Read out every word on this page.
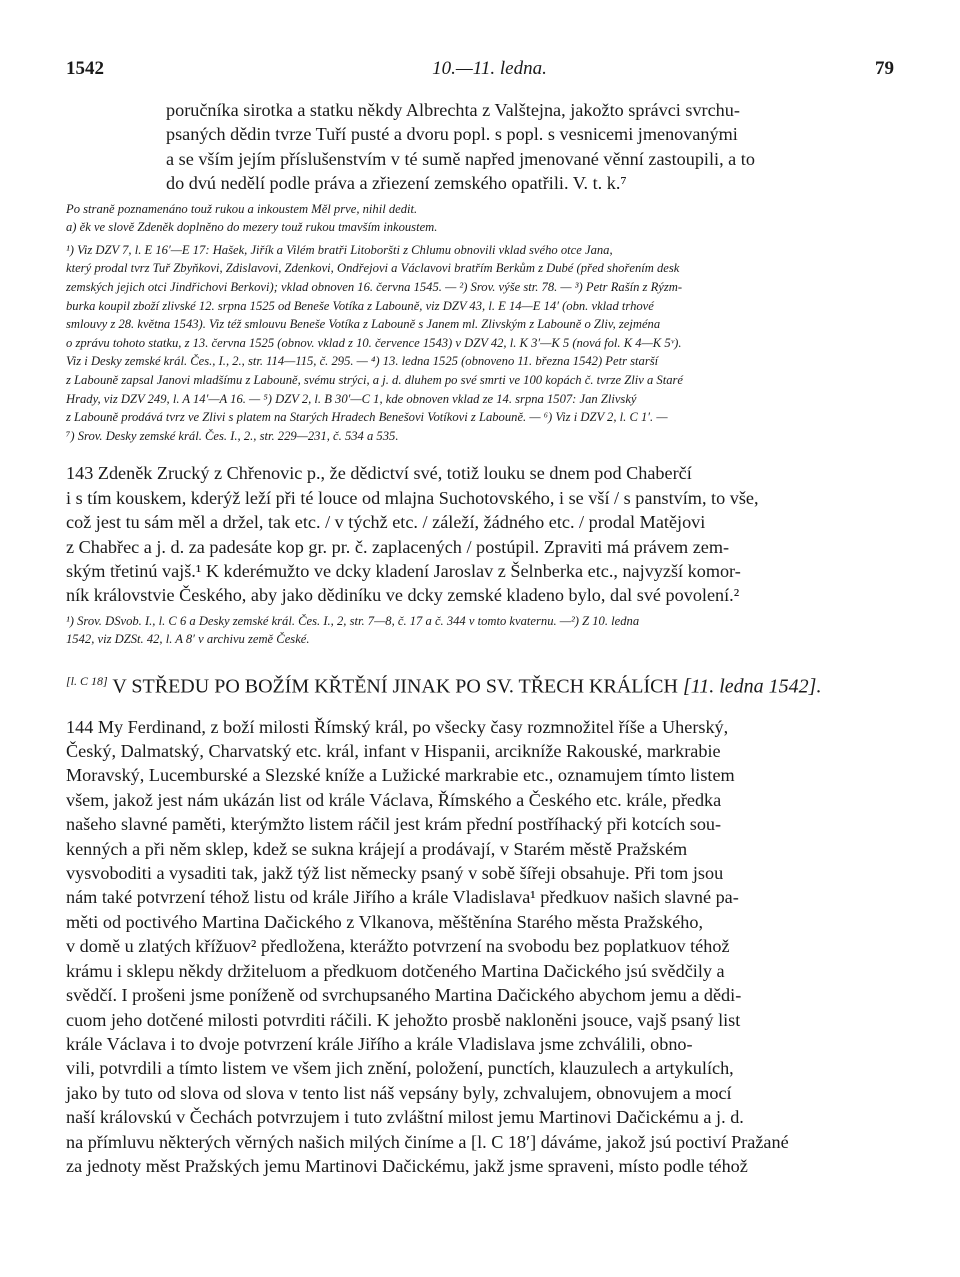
1542	10.—11. ledna.	79

poručníka sirotka a statku někdy Albrechta z Valštejna, jakožto správci svrchu-

psaných dědin tvrze Tuří pusté a dvoru popl. s popl. s vesnicemi jmenovanými

a se vším jejím příslušenstvím v té sumě napřed jmenované věnní zastoupili, a to

do dvú nedělí podle práva a zřiezení zemského opatřili. V. t. k.⁷

Po straně poznamenáno touž rukou a inkoustem Měl prve, nihil dedit.

a) ěk ve slově Zdeněk doplněno do mezery touž rukou tmavším inkoustem.

¹) Viz DZV 7, l. E 16′—E 17: Hašek, Jiřík a Vilém bratři Litoboršti z Chlumu obnovili vklad svého otce Jana,

který prodal tvrz Tuř Zbyňkovi, Zdislavovi, Zdenkovi, Ondřejovi a Václavovi bratřím Berkům z Dubé (před shořením desk

zemských jejich otci Jindřichovi Berkovi); vklad obnoven 16. června 1545. — ²) Srov. výše str. 78. — ³) Petr Rašín z Rýzm-

burka koupil zboží zlivské 12. srpna 1525 od Beneše Votíka z Labouně, viz DZV 43, l. E 14—E 14′ (obn. vklad trhové

smlouvy z 28. května 1543). Viz též smlouvu Beneše Votíka z Labouně s Janem ml. Zlivským z Labouně o Zliv, zejména

o zprávu tohoto statku, z 13. června 1525 (obnov. vklad z 10. července 1543) v DZV 42, l. K 3′—K 5 (nová fol. K 4—K 5ᵛ).

Viz i Desky zemské král. Čes., I., 2., str. 114—115, č. 295. — ⁴) 13. ledna 1525 (obnoveno 11. března 1542) Petr starší

z Labouně zapsal Janovi mladšímu z Labouně, svému strýci, a j. d. dluhem po své smrti ve 100 kopách č. tvrze Zliv a Staré

Hrady, viz DZV 249, l. A 14′—A 16. — ⁵) DZV 2, l. B 30′—C 1, kde obnoven vklad ze 14. srpna 1507: Jan Zlivský

z Labouně prodává tvrz ve Zlivi s platem na Starých Hradech Benešovi Votíkovi z Labouně. — ⁶) Viz i DZV 2, l. C 1′. —

⁷) Srov. Desky zemské král. Čes. I., 2., str. 229—231, č. 534 a 535.

143 Zdeněk Zrucký z Chřenovic p., že dědictví své, totiž louku se dnem pod Chaberčí

i s tím kouskem, kderýž leží při té louce od mlajna Suchotovského, i se vší / s panstvím, to vše,

což jest tu sám měl a držel, tak etc. / v týchž etc. / záleží, žádného etc. / prodal Matějovi

z Chabřec a j. d. za padesáte kop gr. pr. č. zaplacených / postúpil. Zpraviti má právem zem-

ským třetinú vajš.¹ K kderémužto ve dcky kladení Jaroslav z Šelnberka etc., najvyzší komor-

ník královstvie Českého, aby jako dědiníku ve dcky zemské kladeno bylo, dal své povolení.²

¹) Srov. DSvob. I., l. C 6 a Desky zemské král. Čes. I., 2, str. 7—8, č. 17 a č. 344 v tomto kvaternu. —²) Z 10. ledna

1542, viz DZSt. 42, l. A 8′ v archivu země České.

[l. C 18] V STŘEDU PO BOŽÍM KŘTĚNÍ JINAK PO SV. TŘECH KRÁLÍCH [11. ledna 1542].

144 My Ferdinand, z boží milosti Římský král, po všecky časy rozmnožitel říše a Uherský,

Český, Dalmatský, Charvatský etc. král, infant v Hispanii, arcikníže Rakouské, markrabie

Moravský, Lucemburské a Slezské kníže a Lužické markrabie etc., oznamujem tímto listem

všem, jakož jest nám ukázán list od krále Václava, Římského a Českého etc. krále, předka

našeho slavné paměti, kterýmžto listem ráčil jest krám přední postříhacký při kotcích sou-

kenných a při něm sklep, kdež se sukna krájejí a prodávají, v Starém městě Pražském

vysvoboditi a vysaditi tak, jakž týž list německy psaný v sobě šířeji obsahuje. Při tom jsou

nám také potvrzení téhož listu od krále Jiřího a krále Vladislava¹ předkuov našich slavné pa-

měti od poctivého Martina Dačického z Vlkanova, měštěnína Starého města Pražského,

v domě u zlatých křížuov² předložena, kterážto potvrzení na svobodu bez poplatkuov téhož

krámu i sklepu někdy držiteluom a předkuom dotčeného Martina Dačického jsú svědčily a

svědčí. I prošeni jsme poníženě od svrchupsaného Martina Dačického abychom jemu a dědi-

cuom jeho dotčené milosti potvrditi ráčili. K jehožto prosbě nakloněni jsouce, vajš psaný list

krále Václava i to dvoje potvrzení krále Jiřího a krále Vladislava jsme zchválili, obno-

vili, potvrdili a tímto listem ve všem jich znění, položení, punctích, klauzulech a artykulích,

jako by tuto od slova od slova v tento list náš vepsány byly, zchvalujem, obnovujem a mocí

naší královskú v Čechách potvrzujem i tuto zvláštní milost jemu Martinovi Dačickému a j. d.

na přímluvu některých věrných našich milých činíme a [l. C 18′] dáváme, jakož jsú poctiví Pražané

za jednoty měst Pražských jemu Martinovi Dačickému, jakž jsme spraveni, místo podle téhož
